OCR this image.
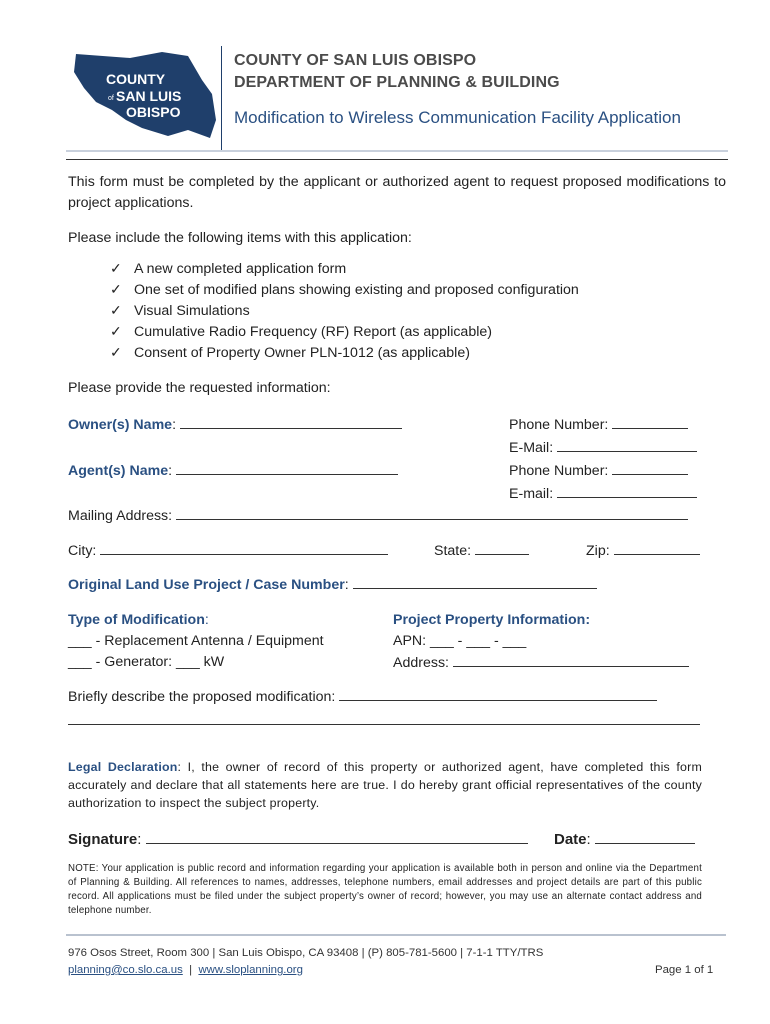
COUNTY
of SAN LUIS
OBISPO
COUNTY OF SAN LUIS OBISPO
DEPARTMENT OF PLANNING & BUILDING
Modification to Wireless Communication Facility Application
This form must be completed by the applicant or authorized agent to request proposed modifications to project applications.
Please include the following items with this application:
✓ A new completed application form
✓ One set of modified plans showing existing and proposed configuration
✓ Visual Simulations
✓ Cumulative Radio Frequency (RF) Report (as applicable)
✓ Consent of Property Owner PLN-1012 (as applicable)
Please provide the requested information:
Owner(s) Name:	Phone Number:
E-Mail:
Agent(s) Name:	Phone Number:
E-mail:
Mailing Address:
City:	State:	Zip:
Original Land Use Project / Case Number:
Type of Modification:
___ - Replacement Antenna / Equipment
___ - Generator: ___ kW
Project Property Information:
APN: ___ - ___ - ___
Address:
Briefly describe the proposed modification:
Legal Declaration: I, the owner of record of this property or authorized agent, have completed this form accurately and declare that all statements here are true. I do hereby grant official representatives of the county authorization to inspect the subject property.
Signature:	Date:
NOTE: Your application is public record and information regarding your application is available both in person and online via the Department of Planning & Building. All references to names, addresses, telephone numbers, email addresses and project details are part of this public record. All applications must be filed under the subject property’s owner of record; however, you may use an alternate contact address and telephone number.
976 Osos Street, Room 300 | San Luis Obispo, CA 93408 | (P) 805-781-5600 | 7-1-1 TTY/TRS
planning@co.slo.ca.us | www.sloplanning.org	Page 1 of 1
